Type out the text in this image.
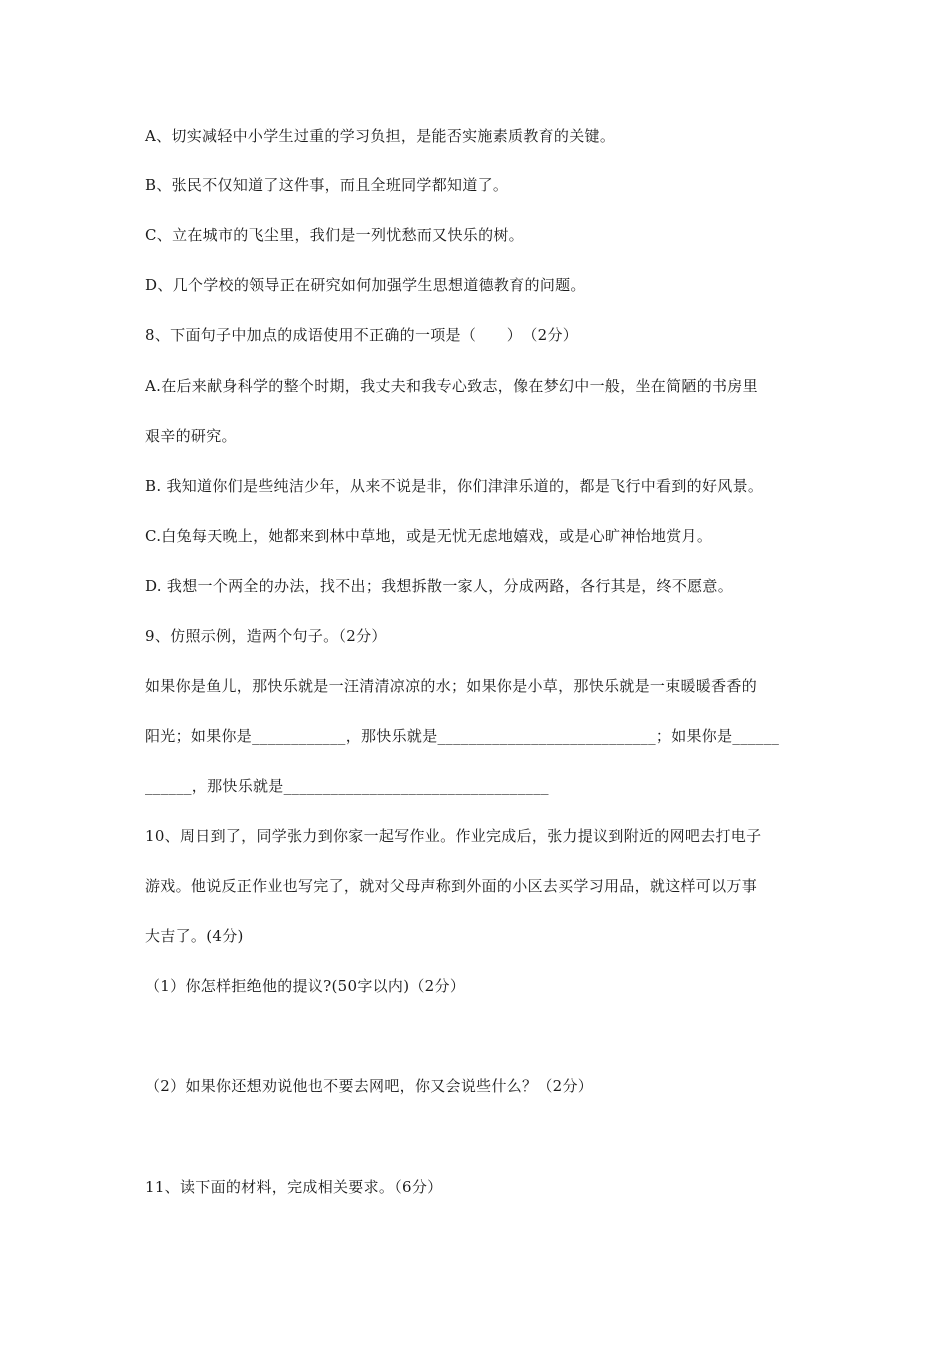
A、切实减轻中小学生过重的学习负担，是能否实施素质教育的关键。
B、张民不仅知道了这件事，而且全班同学都知道了。
C、立在城市的飞尘里，我们是一列忧愁而又快乐的树。
D、几个学校的领导正在研究如何加强学生思想道德教育的问题。
8、下面句子中加点的成语使用不正确的一项是（　　）　（2分）
A.在后来献身科学的整个时期，我丈夫和我专心致志，像在梦幻中一般，坐在简陋的书房里
艰辛的研究。
B. 我知道你们是些纯洁少年，从来不说是非，你们津津乐道的，都是飞行中看到的好风景。
C.白兔每天晚上，她都来到林中草地，或是无忧无虑地嬉戏，或是心旷神怡地赏月。
D. 我想一个两全的办法，找不出；我想拆散一家人，分成两路，各行其是，终不愿意。
9、仿照示例，造两个句子。（2分）
如果你是鱼儿，那快乐就是一汪清清凉凉的水；如果你是小草，那快乐就是一束暖暖香香的
阳光；如果你是____________，那快乐就是____________________________；如果你是______
______，那快乐就是__________________________________
10、周日到了，同学张力到你家一起写作业。作业完成后，张力提议到附近的网吧去打电子
游戏。他说反正作业也写完了，就对父母声称到外面的小区去买学习用品，就这样可以万事
大吉了。(4分)
（1）你怎样拒绝他的提议?(50字以内)（2分）
（2）如果你还想劝说他也不要去网吧，你又会说些什么？（2分）
11、读下面的材料，完成相关要求。（6分）
